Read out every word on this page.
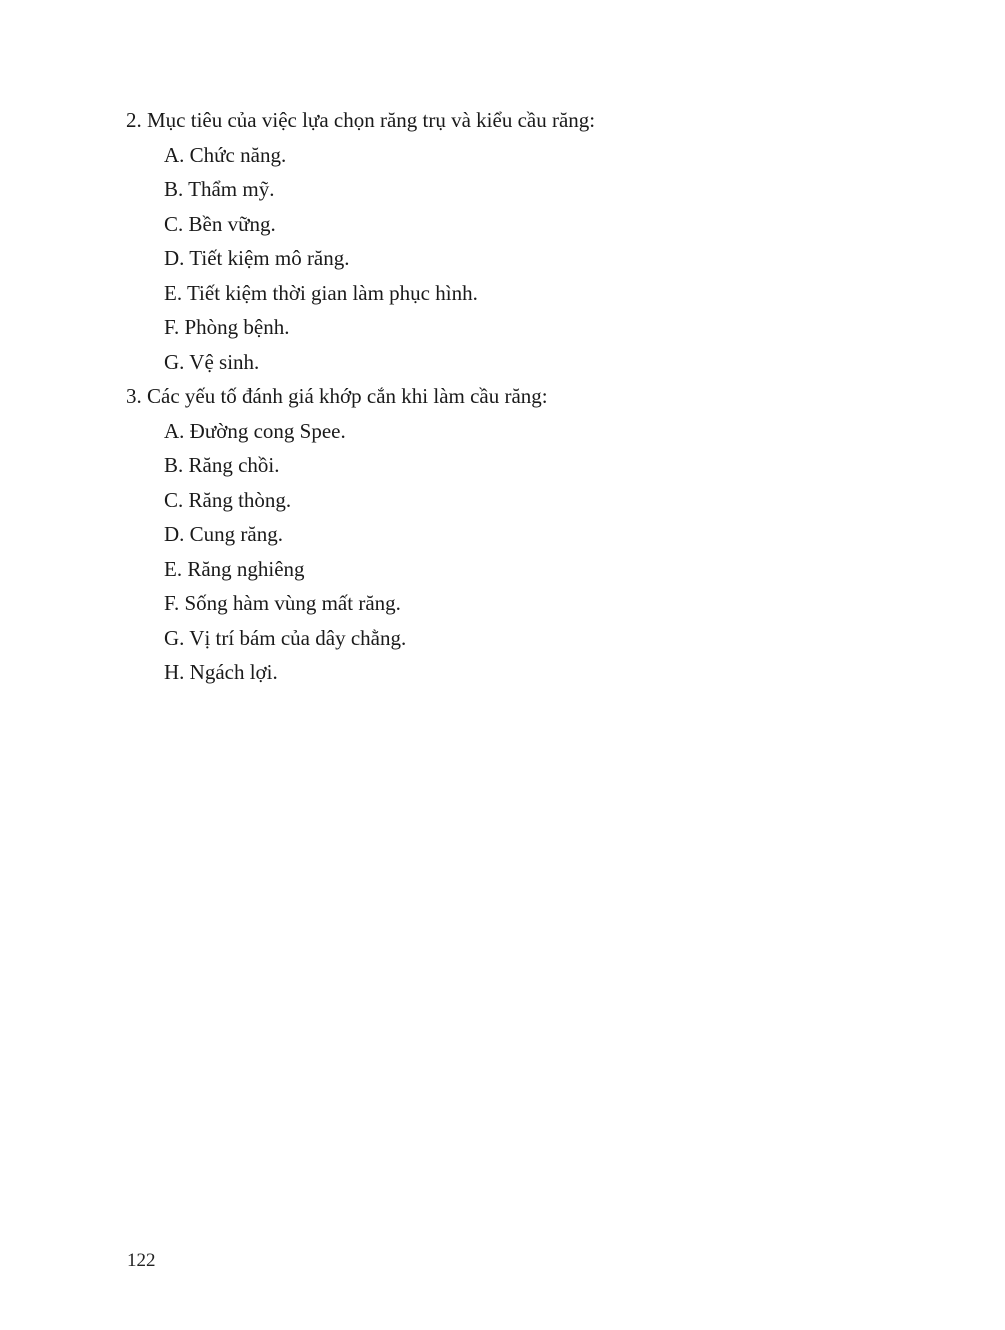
2. Mục tiêu của việc lựa chọn răng trụ và kiểu cầu răng:

A. Chức năng.
B. Thẩm mỹ.
C. Bền vững.
D. Tiết kiệm mô răng.
E. Tiết kiệm thời gian làm phục hình.
F. Phòng bệnh.
G. Vệ sinh.

3. Các yếu tố đánh giá khớp cắn khi làm cầu răng:

A. Đường cong Spee.
B. Răng chồi.
C. Răng thòng.
D. Cung răng.
E. Răng nghiêng
F. Sống hàm vùng mất răng.
G. Vị trí bám của dây chằng.
H. Ngách lợi.
122
